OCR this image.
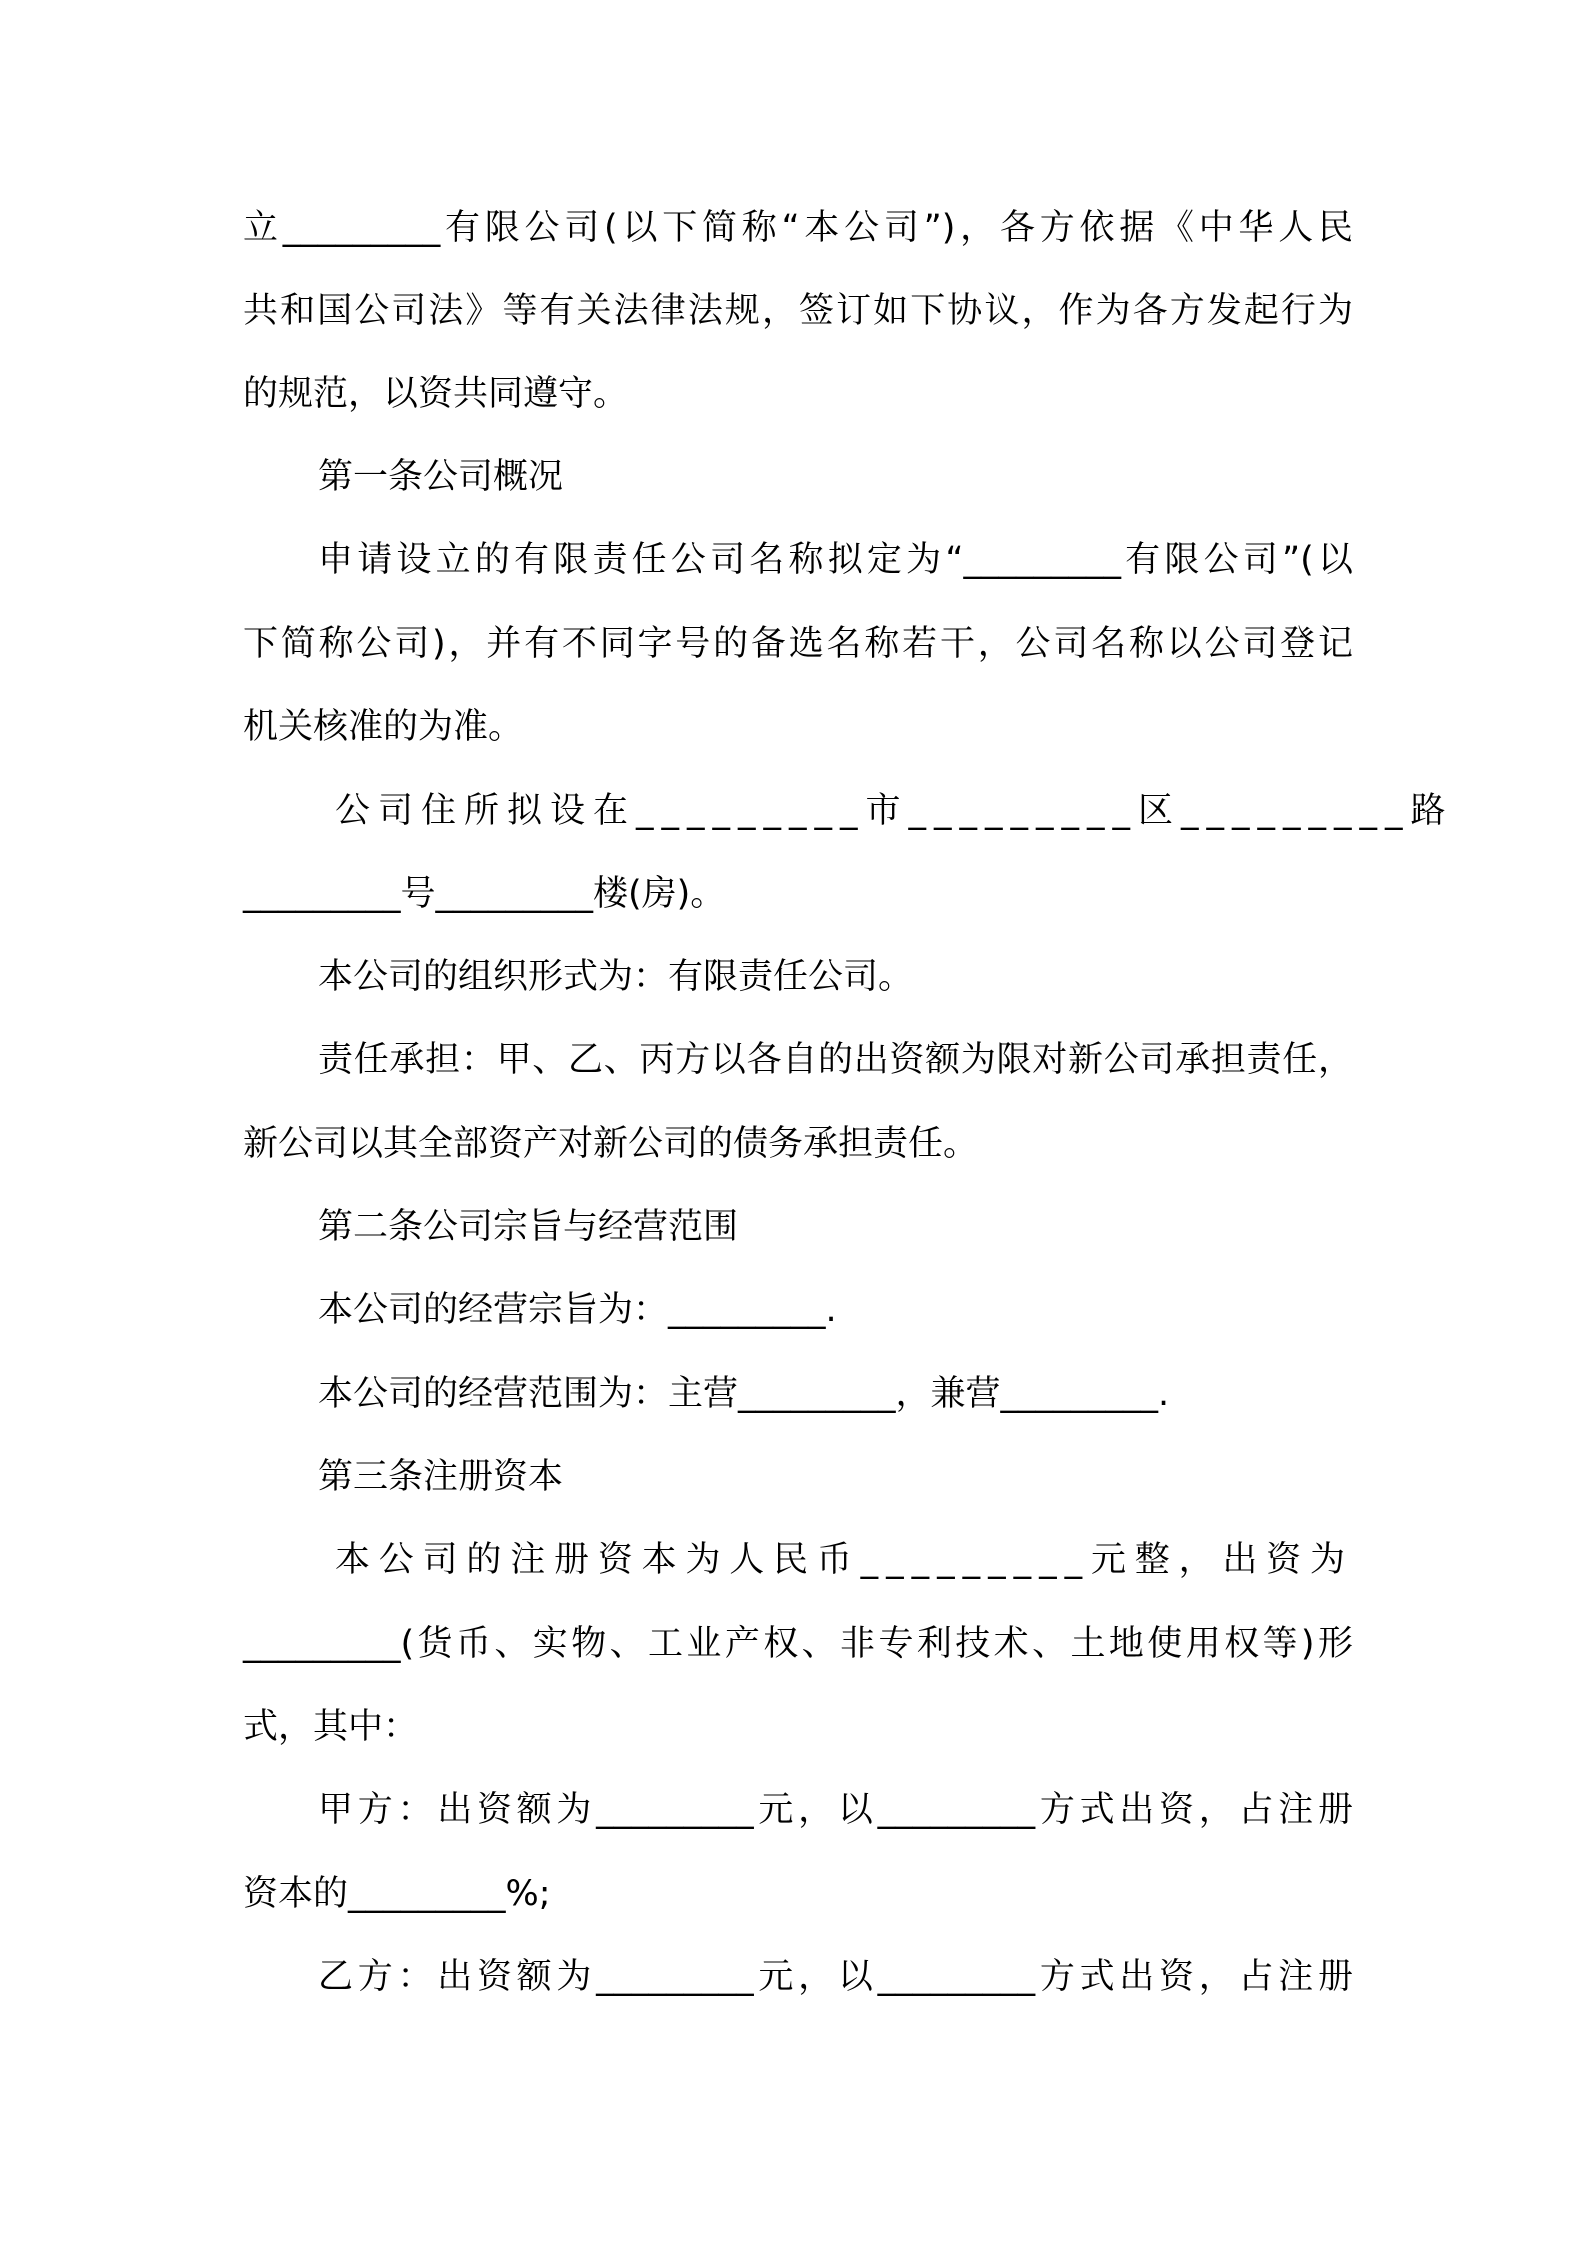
立_________有限公司(以下简称“本公司”)，各方依据《中华人民
共和国公司法》等有关法律法规，签订如下协议，作为各方发起行为
的规范，以资共同遵守。
第一条公司概况
申请设立的有限责任公司名称拟定为“_________有限公司”(以
下简称公司)，并有不同字号的备选名称若干，公司名称以公司登记
机关核准的为准。
公司住所拟设在_________市_________区_________路
_________号_________楼(房)。
本公司的组织形式为：有限责任公司。
责任承担：甲、乙、丙方以各自的出资额为限对新公司承担责任，
新公司以其全部资产对新公司的债务承担责任。
第二条公司宗旨与经营范围
本公司的经营宗旨为：_________.
本公司的经营范围为：主营_________，兼营_________.
第三条注册资本
本公司的注册资本为人民币_________元整，出资为
_________(货币、实物、工业产权、非专利技术、土地使用权等)形
式，其中：
甲方：出资额为_________元，以_________方式出资，占注册
资本的_________%;
乙方：出资额为_________元，以_________方式出资，占注册
